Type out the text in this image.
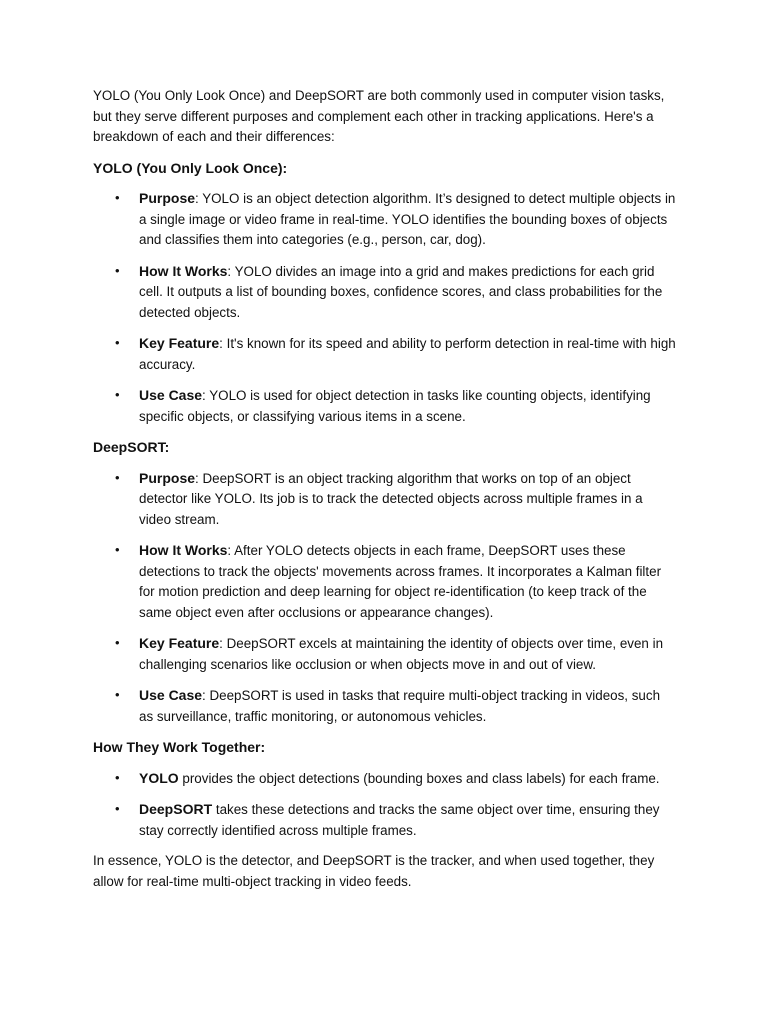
YOLO (You Only Look Once) and DeepSORT are both commonly used in computer vision tasks, but they serve different purposes and complement each other in tracking applications. Here's a breakdown of each and their differences:

YOLO (You Only Look Once):

• Purpose: YOLO is an object detection algorithm. It’s designed to detect multiple objects in a single image or video frame in real-time. YOLO identifies the bounding boxes of objects and classifies them into categories (e.g., person, car, dog).
• How It Works: YOLO divides an image into a grid and makes predictions for each grid cell. It outputs a list of bounding boxes, confidence scores, and class probabilities for the detected objects.
• Key Feature: It's known for its speed and ability to perform detection in real-time with high accuracy.
• Use Case: YOLO is used for object detection in tasks like counting objects, identifying specific objects, or classifying various items in a scene.

DeepSORT:

• Purpose: DeepSORT is an object tracking algorithm that works on top of an object detector like YOLO. Its job is to track the detected objects across multiple frames in a video stream.
• How It Works: After YOLO detects objects in each frame, DeepSORT uses these detections to track the objects' movements across frames. It incorporates a Kalman filter for motion prediction and deep learning for object re-identification (to keep track of the same object even after occlusions or appearance changes).
• Key Feature: DeepSORT excels at maintaining the identity of objects over time, even in challenging scenarios like occlusion or when objects move in and out of view.
• Use Case: DeepSORT is used in tasks that require multi-object tracking in videos, such as surveillance, traffic monitoring, or autonomous vehicles.

How They Work Together:

• YOLO provides the object detections (bounding boxes and class labels) for each frame.
• DeepSORT takes these detections and tracks the same object over time, ensuring they stay correctly identified across multiple frames.

In essence, YOLO is the detector, and DeepSORT is the tracker, and when used together, they allow for real-time multi-object tracking in video feeds.
